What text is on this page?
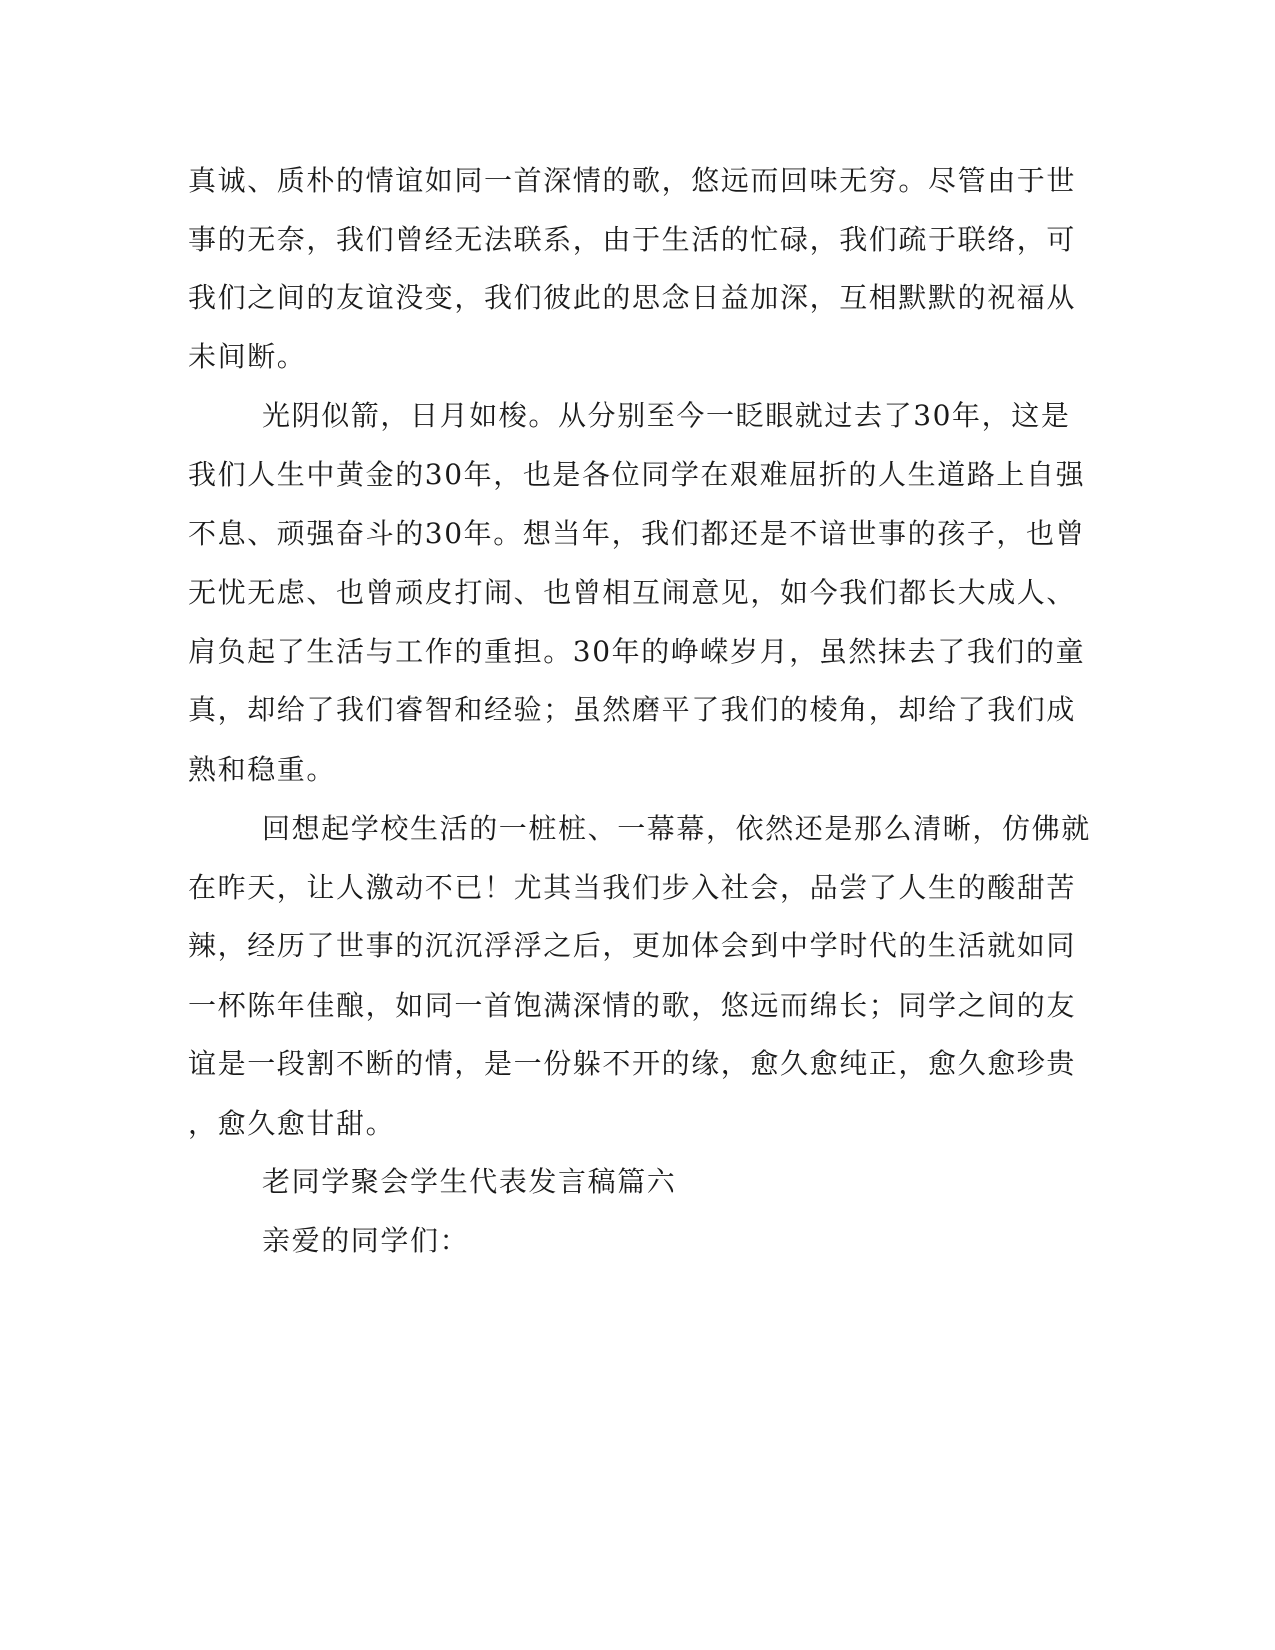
真诚、质朴的情谊如同一首深情的歌，悠远而回味无穷。尽管由于世
事的无奈，我们曾经无法联系，由于生活的忙碌，我们疏于联络，可
我们之间的友谊没变，我们彼此的思念日益加深，互相默默的祝福从
未间断。
光阴似箭，日月如梭。从分别至今一眨眼就过去了30年，这是
我们人生中黄金的30年，也是各位同学在艰难屈折的人生道路上自强
不息、顽强奋斗的30年。想当年，我们都还是不谙世事的孩子，也曾
无忧无虑、也曾顽皮打闹、也曾相互闹意见，如今我们都长大成人、
肩负起了生活与工作的重担。30年的峥嵘岁月，虽然抹去了我们的童
真，却给了我们睿智和经验；虽然磨平了我们的棱角，却给了我们成
熟和稳重。
回想起学校生活的一桩桩、一幕幕，依然还是那么清晰，仿佛就
在昨天，让人激动不已！尤其当我们步入社会，品尝了人生的酸甜苦
辣，经历了世事的沉沉浮浮之后，更加体会到中学时代的生活就如同
一杯陈年佳酿，如同一首饱满深情的歌，悠远而绵长；同学之间的友
谊是一段割不断的情，是一份躲不开的缘，愈久愈纯正，愈久愈珍贵
，愈久愈甘甜。
老同学聚会学生代表发言稿篇六
亲爱的同学们：
